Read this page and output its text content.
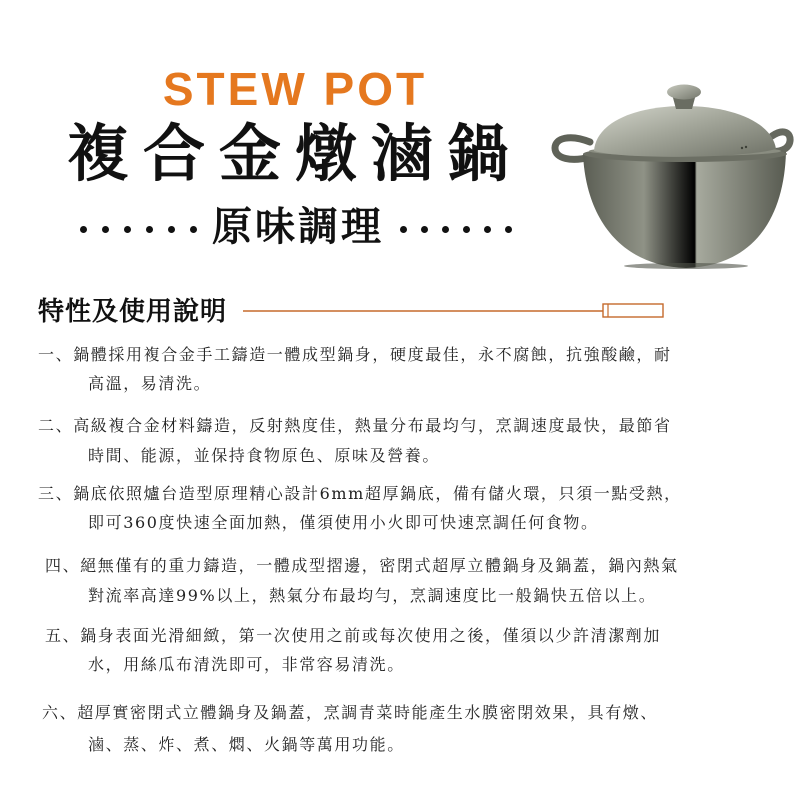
STEW POT
複合金燉滷鍋
原味調理
特性及使用說明
一、鍋體採用複合金手工鑄造一體成型鍋身，硬度最佳，永不腐蝕，抗強酸鹼，耐
高溫，易清洗。
二、高級複合金材料鑄造，反射熱度佳，熱量分布最均勻，烹調速度最快，最節省
時間、能源，並保持食物原色、原味及營養。
三、鍋底依照爐台造型原理精心設計6mm超厚鍋底，備有儲火環，只須一點受熱，
即可360度快速全面加熱，僅須使用小火即可快速烹調任何食物。
四、絕無僅有的重力鑄造，一體成型摺邊，密閉式超厚立體鍋身及鍋蓋，鍋內熱氣
對流率高達99%以上，熱氣分布最均勻，烹調速度比一般鍋快五倍以上。
五、鍋身表面光滑細緻，第一次使用之前或每次使用之後，僅須以少許清潔劑加
水，用絲瓜布清洗即可，非常容易清洗。
六、超厚實密閉式立體鍋身及鍋蓋，烹調青菜時能產生水膜密閉效果，具有燉、
滷、蒸、炸、煮、燜、火鍋等萬用功能。
